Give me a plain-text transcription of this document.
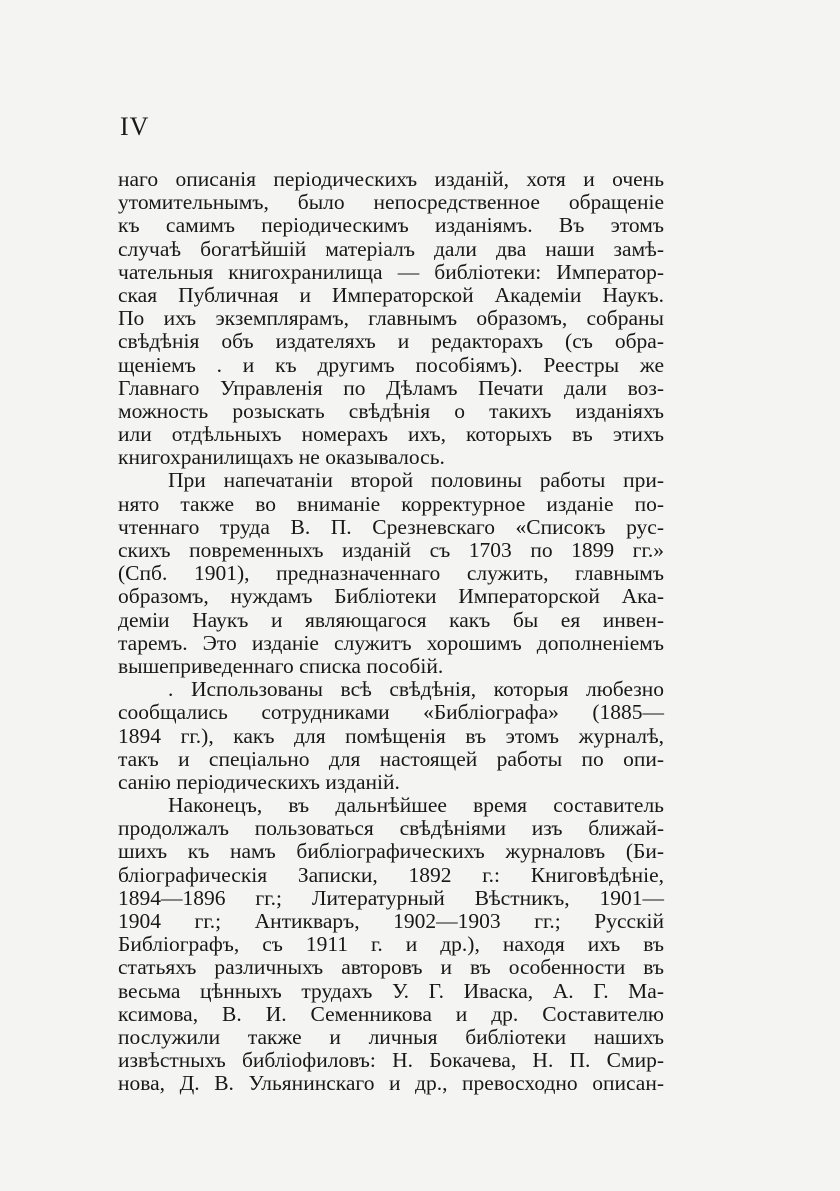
IV
наго описанія періодическихъ изданій, хотя и очень
утомительнымъ, было непосредственное обращеніе
къ самимъ періодическимъ изданіямъ. Въ этомъ
случаѣ богатѣйшій матеріалъ дали два наши замѣ-
чательныя книгохранилища — библіотеки: Император-
ская Публичная и Императорской Академіи Наукъ.
По ихъ экземплярамъ, главнымъ образомъ, собраны
свѣдѣнія объ издателяхъ и редакторахъ (съ обра-
щеніемъ . и къ другимъ пособіямъ). Реестры же
Главнаго Управленія по Дѣламъ Печати дали воз-
можность розыскать свѣдѣнія о такихъ изданіяхъ
или отдѣльныхъ номерахъ ихъ, которыхъ въ этихъ
книгохранилищахъ не оказывалось.
При напечатаніи второй половины работы при-
нято также во вниманіе корректурное изданіе по-
чтеннаго труда В. П. Срезневскаго «Списокъ рус-
скихъ повременныхъ изданій съ 1703 по 1899 гг.»
(Спб. 1901), предназначеннаго служить, главнымъ
образомъ, нуждамъ Библіотеки Императорской Ака-
деміи Наукъ и являющагося какъ бы ея инвен-
таремъ. Это изданіе служитъ хорошимъ дополненіемъ
вышеприведеннаго списка пособій.
. Использованы всѣ свѣдѣнія, которыя любезно
сообщались сотрудниками «Библіографа» (1885—
1894 гг.), какъ для помѣщенія въ этомъ журналѣ,
такъ и спеціально для настоящей работы по опи-
санію періодическихъ изданій.
Наконецъ, въ дальнѣйшее время составитель
продолжалъ пользоваться свѣдѣніями изъ ближай-
шихъ къ намъ библіографическихъ журналовъ (Би-
бліографическія Записки, 1892 г.: Книговѣдѣніе,
1894—1896 гг.; Литературный Вѣстникъ, 1901—
1904 гг.; Антикваръ, 1902—1903 гг.; Русскій
Библіографъ, съ 1911 г. и др.), находя ихъ въ
статьяхъ различныхъ авторовъ и въ особенности въ
весьма цѣнныхъ трудахъ У. Г. Иваска, А. Г. Ма-
ксимова, В. И. Семенникова и др. Составителю
послужили также и личныя библіотеки нашихъ
извѣстныхъ библіофиловъ: Н. Бокачева, Н. П. Смир-
нова, Д. В. Ульянинскаго и др., превосходно описан-
